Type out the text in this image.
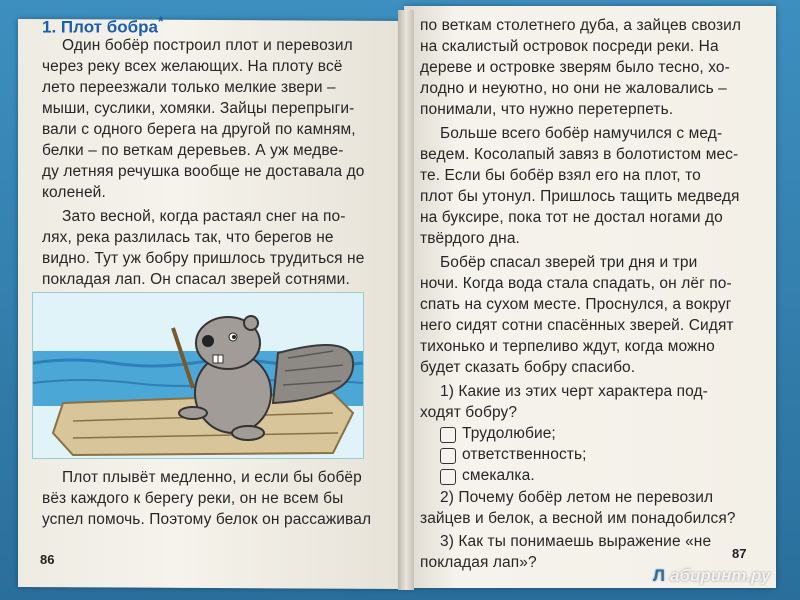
1. Плот бобра*
Один бобёр построил плот и перевозил
через реку всех желающих. На плоту всё
лето переезжали только мелкие звери –
мыши, суслики, хомяки. Зайцы перепрыги-
вали с одного берега на другой по камням,
белки – по веткам деревьев. А уж медве-
ду летняя речушка вообще не доставала до
коленей.
Зато весной, когда растаял снег на по-
лях, река разлилась так, что берегов не
видно. Тут уж бобру пришлось трудиться не
покладая лап. Он спасал зверей сотнями.
Плот плывёт медленно, и если бы бобёр
вёз каждого к берегу реки, он не всем бы
успел помочь. Поэтому белок он рассаживал
86
по веткам столетнего дуба, а зайцев свозил
на скалистый островок посреди реки. На
дереве и островке зверям было тесно, хо-
лодно и неуютно, но они не жаловались –
понимали, что нужно перетерпеть.
Больше всего бобёр намучился с мед-
ведем. Косолапый завяз в болотистом мес-
те. Если бы бобёр взял его на плот, то
плот бы утонул. Пришлось тащить медведя
на буксире, пока тот не достал ногами до
твёрдого дна.
Бобёр спасал зверей три дня и три
ночи. Когда вода стала спадать, он лёг по-
спать на сухом месте. Проснулся, а вокруг
него сидят сотни спасённых зверей. Сидят
тихонько и терпеливо ждут, когда можно
будет сказать бобру спасибо.
1) Какие из этих черт характера под-
ходят бобру?
Трудолюбие;
ответственность;
смекалка.
2) Почему бобёр летом не перевозил
зайцев и белок, а весной им понадобился?
3) Как ты понимаешь выражение «не
покладая лап»?
87
Л абиринт.ру
